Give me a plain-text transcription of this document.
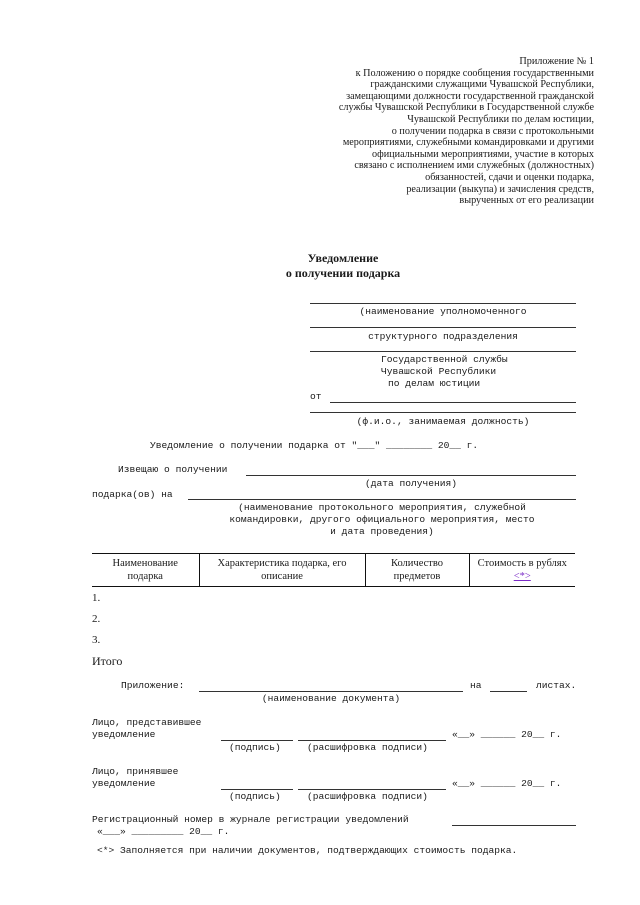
Приложение № 1
к Положению о порядке сообщения государственными
гражданскими служащими Чувашской Республики,
замещающими должности государственной гражданской
службы Чувашской Республики в Государственной службе
Чувашской Республики по делам юстиции,
о получении подарка в связи с протокольными
мероприятиями, служебными командировками и другими
официальными мероприятиями, участие в которых
связано с исполнением ими служебных (должностных)
обязанностей, сдачи и оценки подарка,
реализации (выкупа) и зачисления средств,
вырученных от его реализации
Уведомление
о получении подарка
(наименование уполномоченного
структурного подразделения
Государственной службы
Чувашской Республики
по делам юстиции
от
(ф.и.о., занимаемая должность)
Уведомление о получении подарка от "___" ________ 20__ г.
Извещаю о получении
(дата получения)
подарка(ов) на
(наименование протокольного мероприятия, служебной
командировки, другого официального мероприятия, место
и дата проведения)
Наименование подарка	Характеристика подарка, его описание	Количество предметов	Стоимость в рублях <*>
1.
2.
3.
Итого
Приложение:	на	листах.
(наименование документа)
Лицо, представившее
уведомление	«__» ______ 20__ г.
(подпись)	(расшифровка подписи)
Лицо, принявшее
уведомление	«__» ______ 20__ г.
(подпись)	(расшифровка подписи)
Регистрационный номер в журнале регистрации уведомлений
«___» _________ 20__ г.
<*> Заполняется при наличии документов, подтверждающих стоимость подарка.
